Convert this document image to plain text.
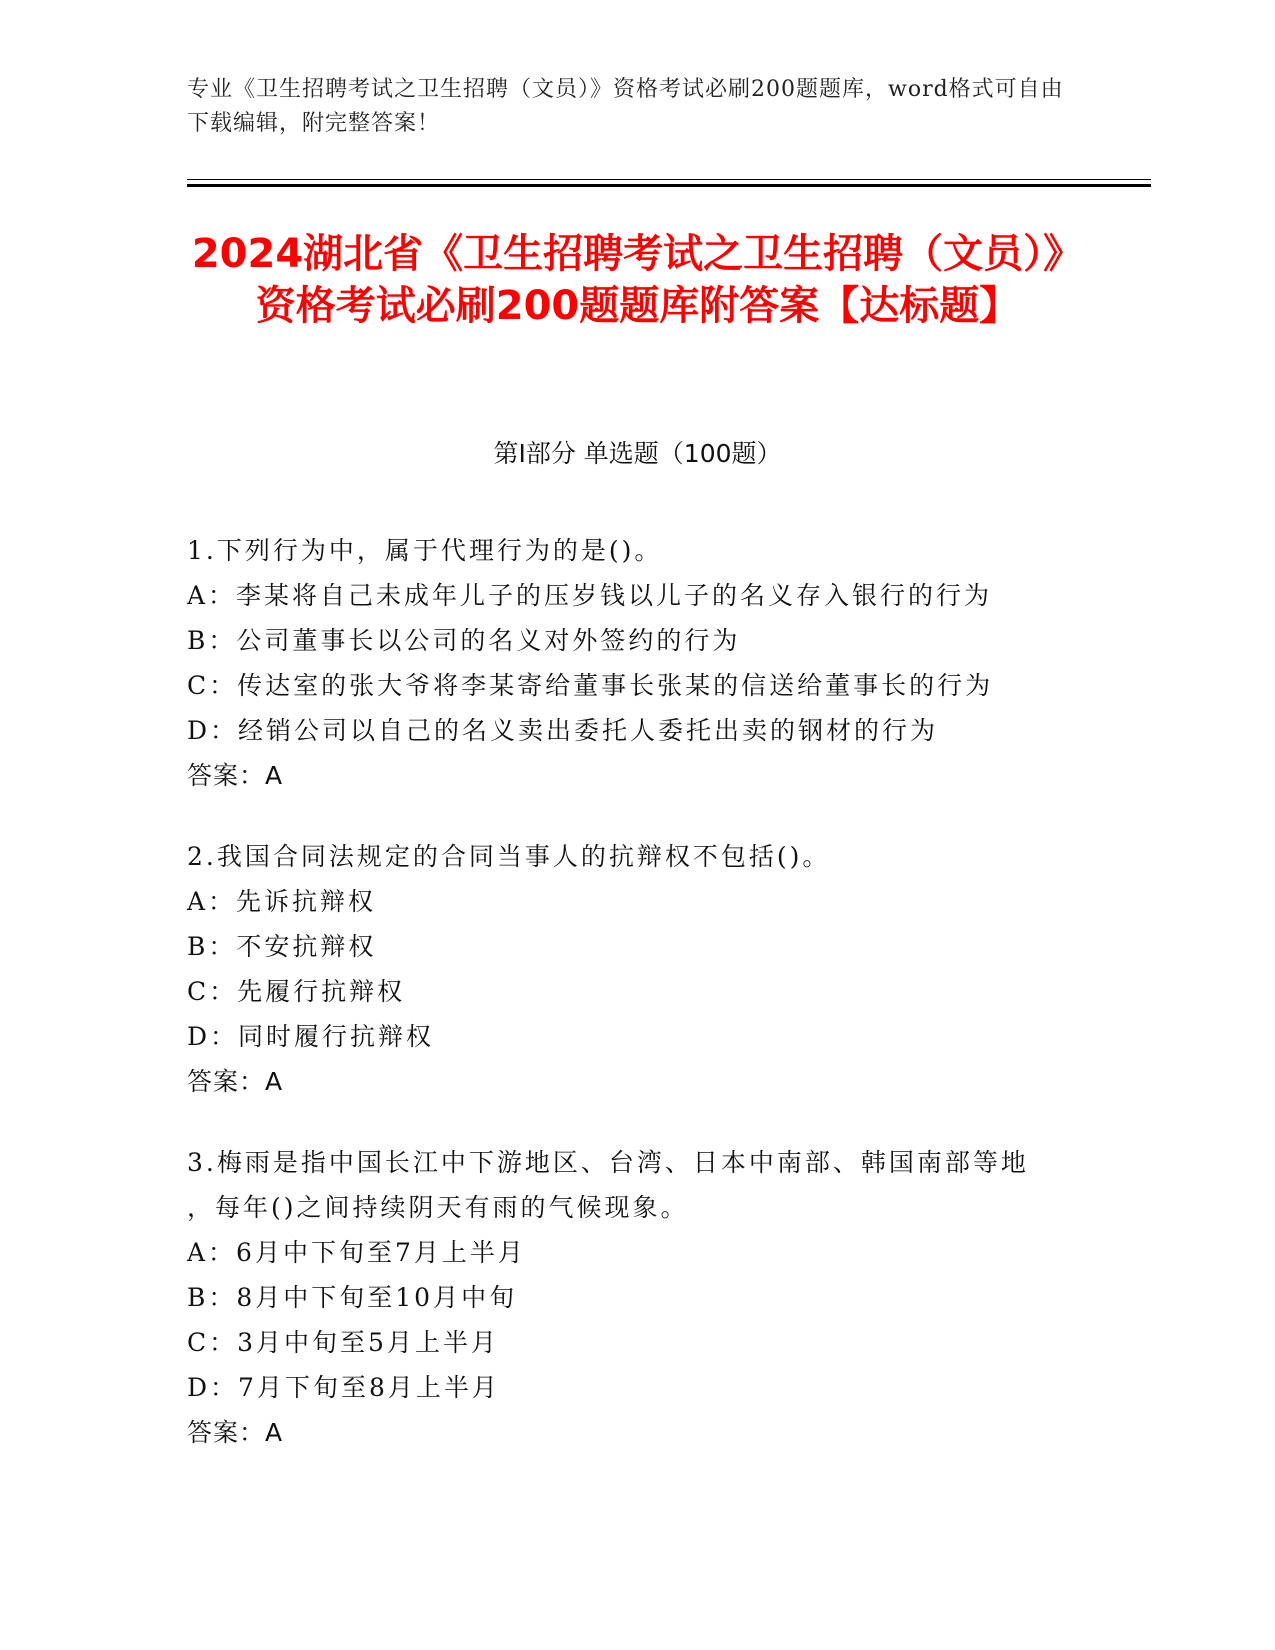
专业《卫生招聘考试之卫生招聘（文员）》资格考试必刷200题题库，word格式可自由下载编辑，附完整答案！
2024湖北省《卫生招聘考试之卫生招聘（文员）》资格考试必刷200题题库附答案【达标题】
第I部分 单选题（100题）
1.下列行为中，属于代理行为的是()。
A：李某将自己未成年儿子的压岁钱以儿子的名义存入银行的行为
B：公司董事长以公司的名义对外签约的行为
C：传达室的张大爷将李某寄给董事长张某的信送给董事长的行为
D：经销公司以自己的名义卖出委托人委托出卖的钢材的行为
答案：A
2.我国合同法规定的合同当事人的抗辩权不包括()。
A：先诉抗辩权
B：不安抗辩权
C：先履行抗辩权
D：同时履行抗辩权
答案：A
3.梅雨是指中国长江中下游地区、台湾、日本中南部、韩国南部等地
，每年()之间持续阴天有雨的气候现象。
A：6月中下旬至7月上半月
B：8月中下旬至10月中旬
C：3月中旬至5月上半月
D：7月下旬至8月上半月
答案：A
